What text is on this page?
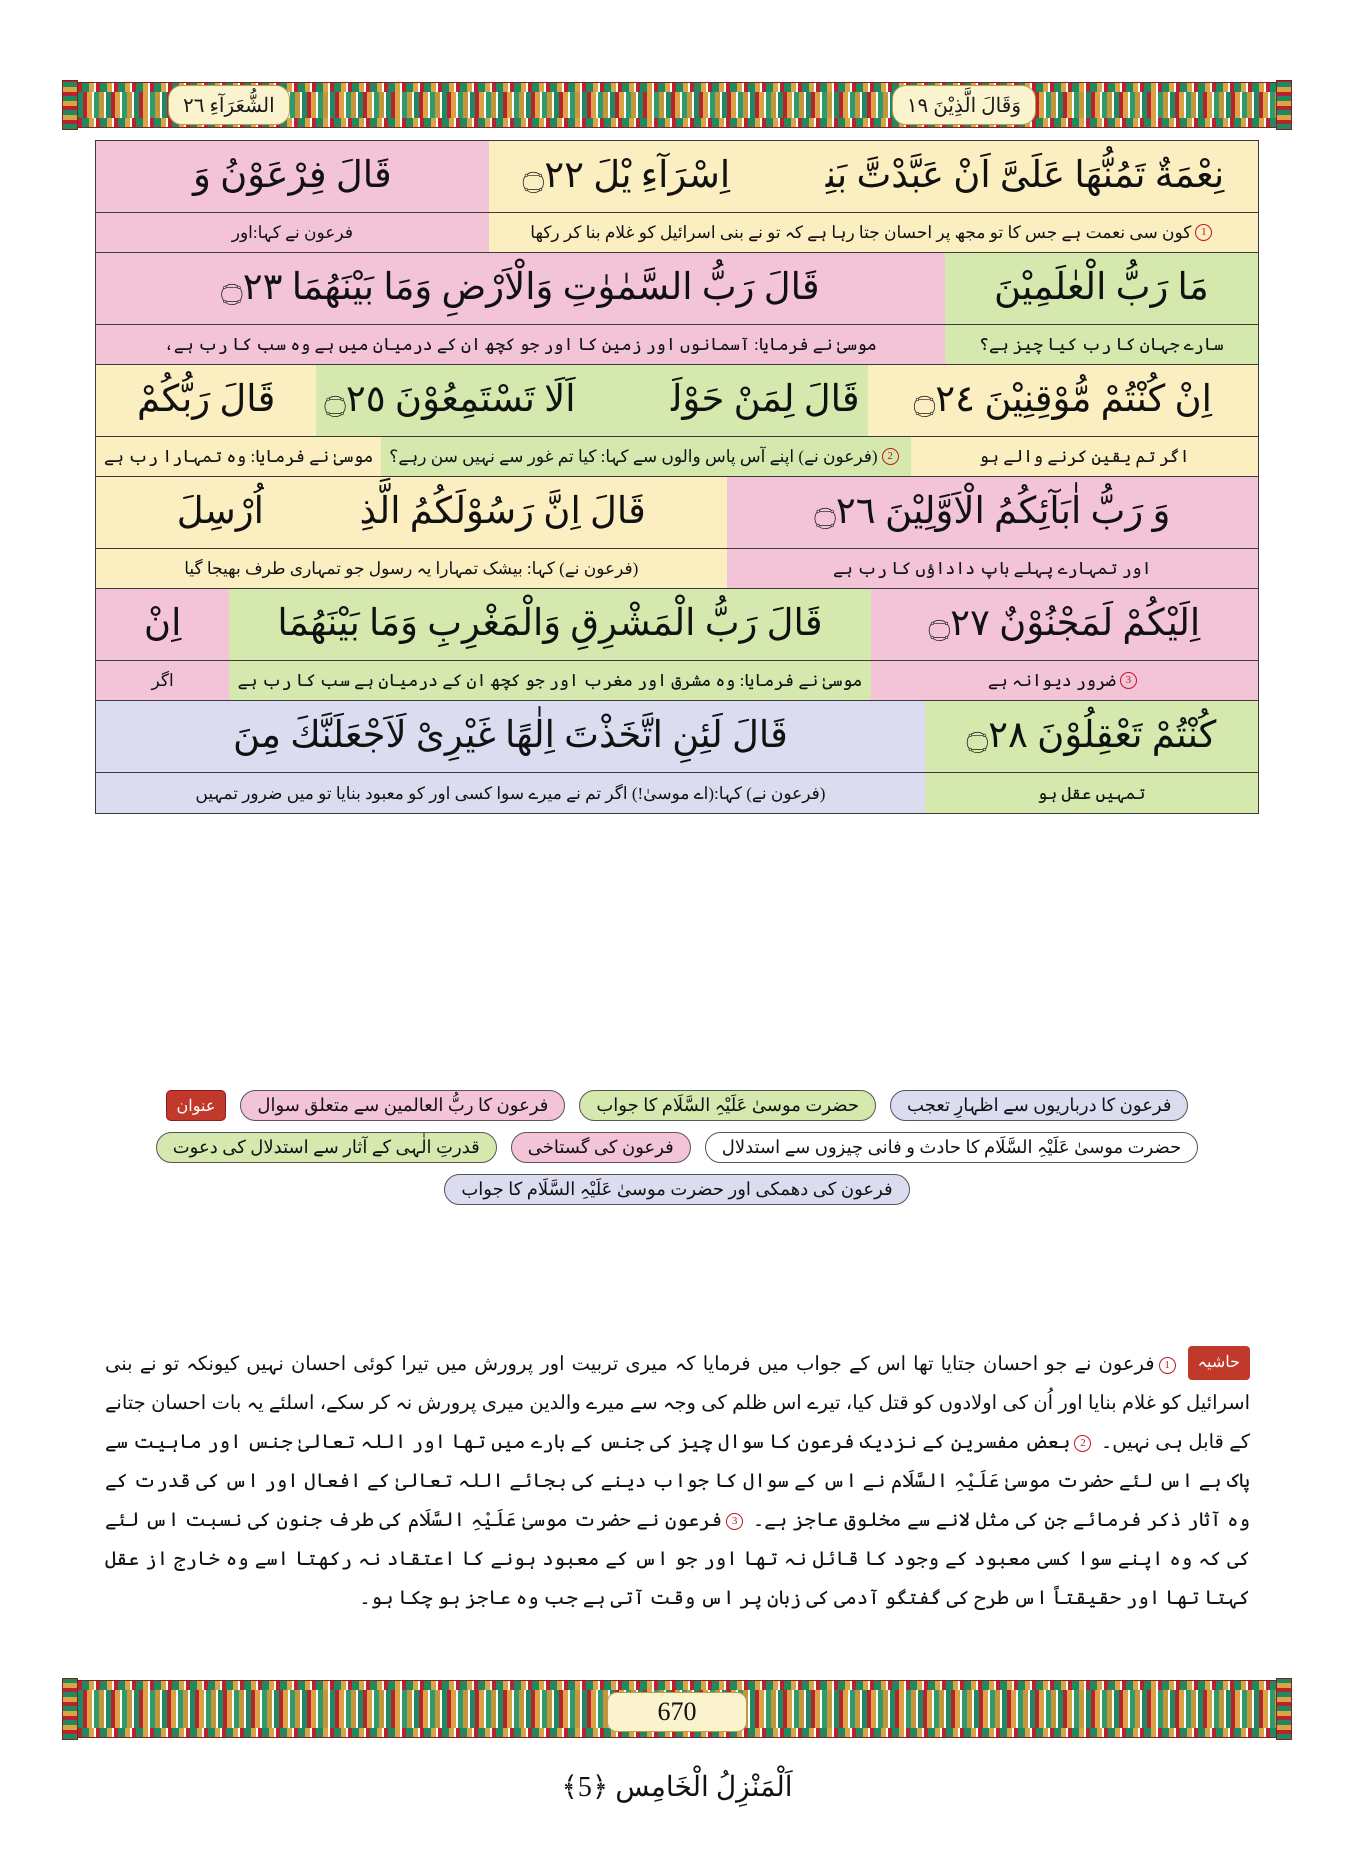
الشُّعَرَآءِ ٢٦	وَقَالَ الَّذِيْنَ ١٩
نِعْمَةٌ تَمُنُّهَا عَلَىَّ اَنْ عَبَّدْتَّ بَنِىْۤ اِسْرَآءِ یْلَ ۝٢٢
قَالَ فِرْعَوْنُ وَ
1
کون سی نعمت ہے جس کا تو مجھ پر احسان جتا رہا ہے کہ تو نے بنی اسرائیل کو غلام بنا کر رکھا
فرعون نے کہا:اور
مَا رَبُّ الْعٰلَمِيْنَ
قَالَ رَبُّ السَّمٰوٰتِ وَالْاَرْضِ وَمَا بَيْنَهُمَا ۝٢٣
سارے جہان کا رب کیا چیز ہے؟
موسیٰ نے فرمایا: آسمانوں اور زمین کا اور جو کچھ ان کے درمیان میں ہے وہ سب کا رب ہے،
اِنْ كُنْتُمْ مُّوْقِنِيْنَ ۝٢٤
قَالَ لِمَنْ حَوْلَهٗۤ اَلَا تَسْتَمِعُوْنَ ۝٢٥
قَالَ رَبُّكُمْ
اگر تم یقین کرنے والے ہو
2
(فرعون نے) اپنے آس پاس والوں سے کہا: کیا تم غور سے نہیں سن رہے؟
موسیٰ نے فرمایا: وہ تمہارا رب ہے
وَ رَبُّ اٰبَآئِكُمُ الْاَوَّلِيْنَ ۝٢٦
قَالَ اِنَّ رَسُوْلَكُمُ الَّذِىْۤ اُرْسِلَ
اور تمہارے پہلے باپ داداؤں کا رب ہے
(فرعون نے) کہا: بیشک تمہارا یہ رسول جو تمہاری طرف بھیجا گیا
اِلَيْكُمْ لَمَجْنُوْنٌ ۝٢٧
قَالَ رَبُّ الْمَشْرِقِ وَالْمَغْرِبِ وَمَا بَيْنَهُمَا
اِنْ
3
ضرور دیوانہ ہے
موسیٰ نے فرمایا: وہ مشرق اور مغرب اور جو کچھ ان کے درمیان ہے سب کا رب ہے
اگر
كُنْتُمْ تَعْقِلُوْنَ ۝٢٨
قَالَ لَئِنِ اتَّخَذْتَ اِلٰهًا غَيْرِىْ لَاَجْعَلَنَّكَ مِنَ
تمہیں عقل ہو
(فرعون نے) کہا:(اے موسیٰ!) اگر تم نے میرے سوا کسی اور کو معبود بنایا تو میں ضرور تمہیں
فرعون کا درباریوں سے اظہارِ تعجب
حضرت موسیٰ عَلَیْہِ السَّلَام کا جواب
فرعون کا ربُّ العالمین سے متعلق سوال
عنوان
حضرت موسیٰ عَلَیْہِ السَّلَام کا حادث و فانی چیزوں سے استدلال
فرعون کی گستاخی
قدرتِ الٰہی کے آثار سے استدلال کی دعوت
فرعون کی دھمکی اور حضرت موسیٰ عَلَیْہِ السَّلَام کا جواب
حاشیہ1فرعون نے جو احسان جتایا تھا اس کے جواب میں فرمایا کہ میری تربیت اور پرورش میں تیرا کوئی احسان نہیں کیونکہ تو نے بنی اسرائیل کو غلام بنایا اور اُن کی اولادوں کو قتل کیا، تیرے اس ظلم کی وجہ سے میرے والدین میری پرورش نہ کر سکے، اسلئے یہ بات احسان جتانے کے قابل ہی نہیں۔ 2بعض مفسرین کے نزدیک فرعون کا سوال چیز کی جنس کے بارے میں تھا اور اللہ تعالیٰ جنس اور ماہیت سے پاک ہے اس لئے حضرت موسیٰ عَلَیْہِ السَّلَام نے اس کے سوال کا جواب دینے کی بجائے اللہ تعالیٰ کے افعال اور اس کی قدرت کے وہ آثار ذکر فرمائے جن کی مثل لانے سے مخلوق عاجز ہے۔ 3فرعون نے حضرت موسیٰ عَلَیْہِ السَّلَام کی طرف جنون کی نسبت اس لئے کی کہ وہ اپنے سوا کسی معبود کے وجود کا قائل نہ تھا اور جو اس کے معبود ہونے کا اعتقاد نہ رکھتا اسے وہ خارج از عقل کہتا تھا اور حقیقتاً اس طرح کی گفتگو آدمی کی زبان پر اس وقت آتی ہے جب وہ عاجز ہو چکا ہو۔
670
اَلْمَنْزِلُ الْخَامِس ﴿5﴾
